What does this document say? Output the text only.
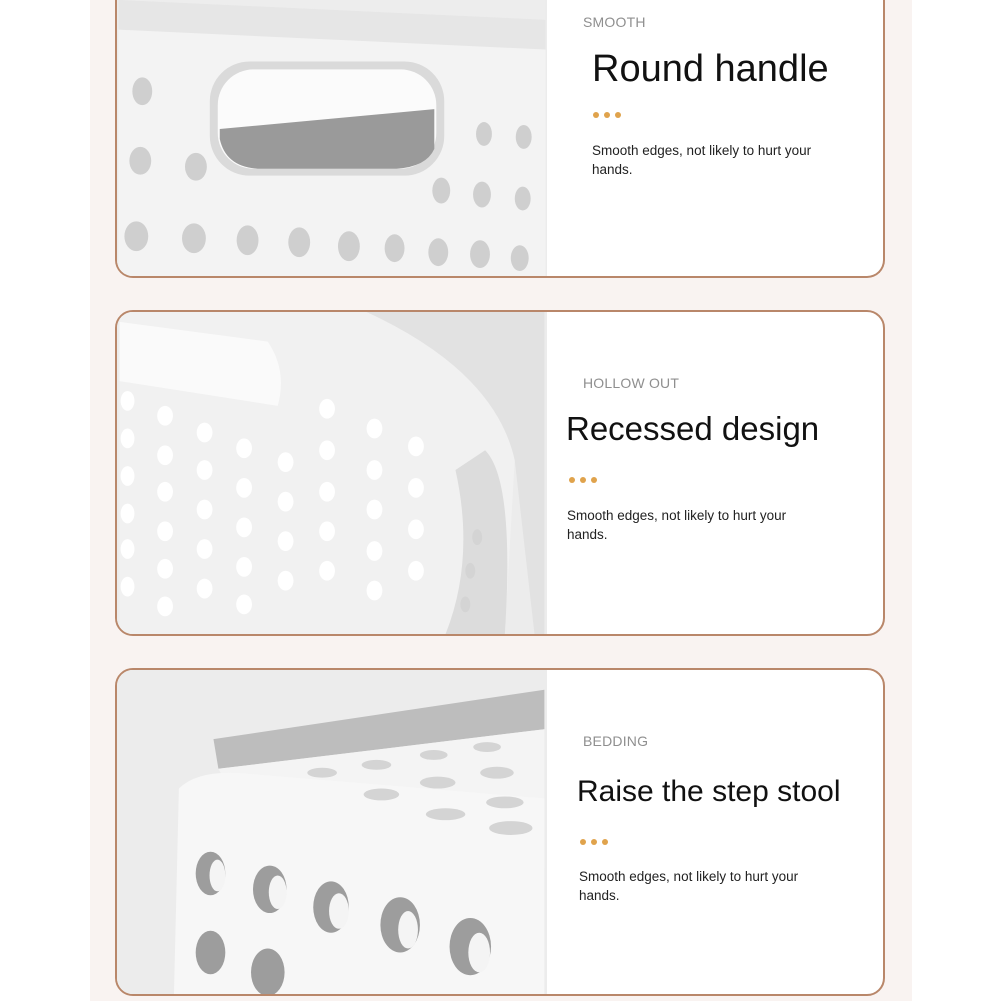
SMOOTH
Round handle
Smooth edges, not likely to hurt your hands.
HOLLOW OUT
Recessed design
Smooth edges, not likely to hurt your hands.
BEDDING
Raise the step stool
Smooth edges, not likely to hurt your hands.
